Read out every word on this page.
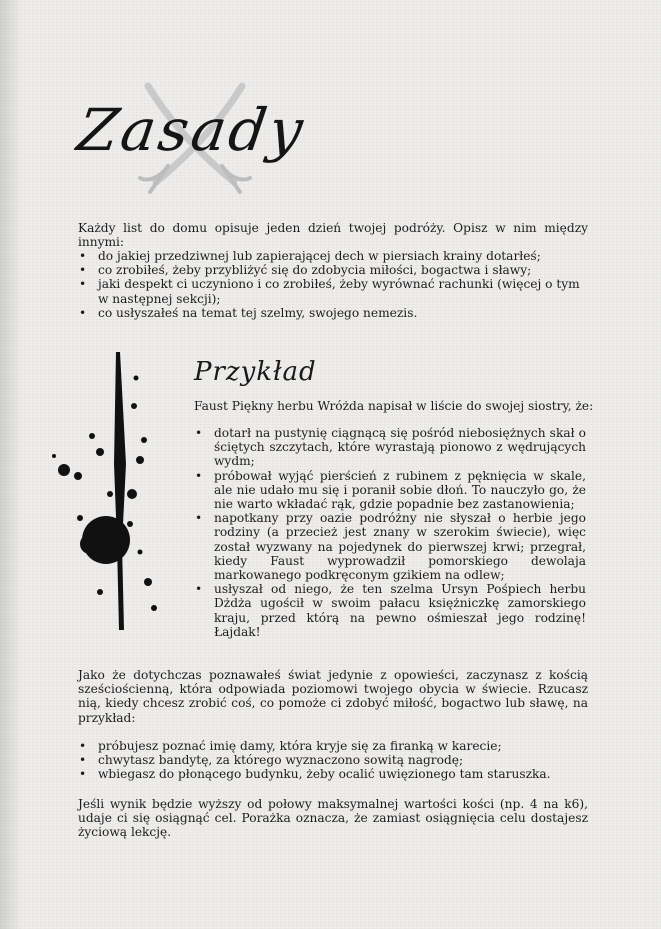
Zasady
Każdy list do domu opisuje jeden dzień twojej podróży. Opisz w nim między innymi:
• do jakiej przedziwnej lub zapierającej dech w piersiach krainy dotarłeś;
• co zrobiłeś, żeby przybliżyć się do zdobycia miłości, bogactwa i sławy;
• jaki despekt ci uczyniono i co zrobiłeś, żeby wyrównać rachunki (więcej o tym w następnej sekcji);
• co usłyszałeś na temat tej szelmy, swojego nemezis.
Przykład
Faust Piękny herbu Wróżda napisał w liście do swojej siostry, że:
• dotarł na pustynię ciągnącą się pośród niebosiężnych skał o ściętych szczytach, które wyrastają pionowo z wędrujących wydm;
• próbował wyjąć pierścień z rubinem z pęknięcia w skale, ale nie udało mu się i poranił sobie dłoń. To nauczyło go, że nie warto wkładać rąk, gdzie popadnie bez zastanowienia;
• napotkany przy oazie podróżny nie słyszał o herbie jego rodziny (a przecież jest znany w szerokim świecie), więc został wyzwany na pojedynek do pierwszej krwi; przegrał, kiedy Faust wyprowadził pomorskiego dewolaja markowanego podkręconym gzikiem na odlew;
• usłyszał od niego, że ten szelma Ursyn Pośpiech herbu Dżdża ugościł w swoim pałacu księżniczkę zamorskiego kraju, przed którą na pewno ośmieszał jego rodzinę! Łajdak!
Jako że dotychczas poznawałeś świat jedynie z opowieści, zaczynasz z kością sześciościenną, która odpowiada poziomowi twojego obycia w świecie. Rzucasz nią, kiedy chcesz zrobić coś, co pomoże ci zdobyć miłość, bogactwo lub sławę, na przykład:
• próbujesz poznać imię damy, która kryje się za firanką w karecie;
• chwytasz bandytę, za którego wyznaczono sowitą nagrodę;
• wbiegasz do płonącego budynku, żeby ocalić uwięzionego tam staruszka.
Jeśli wynik będzie wyższy od połowy maksymalnej wartości kości (np. 4 na k6), udaje ci się osiągnąć cel. Porażka oznacza, że zamiast osiągnięcia celu dostajesz życiową lekcję.
